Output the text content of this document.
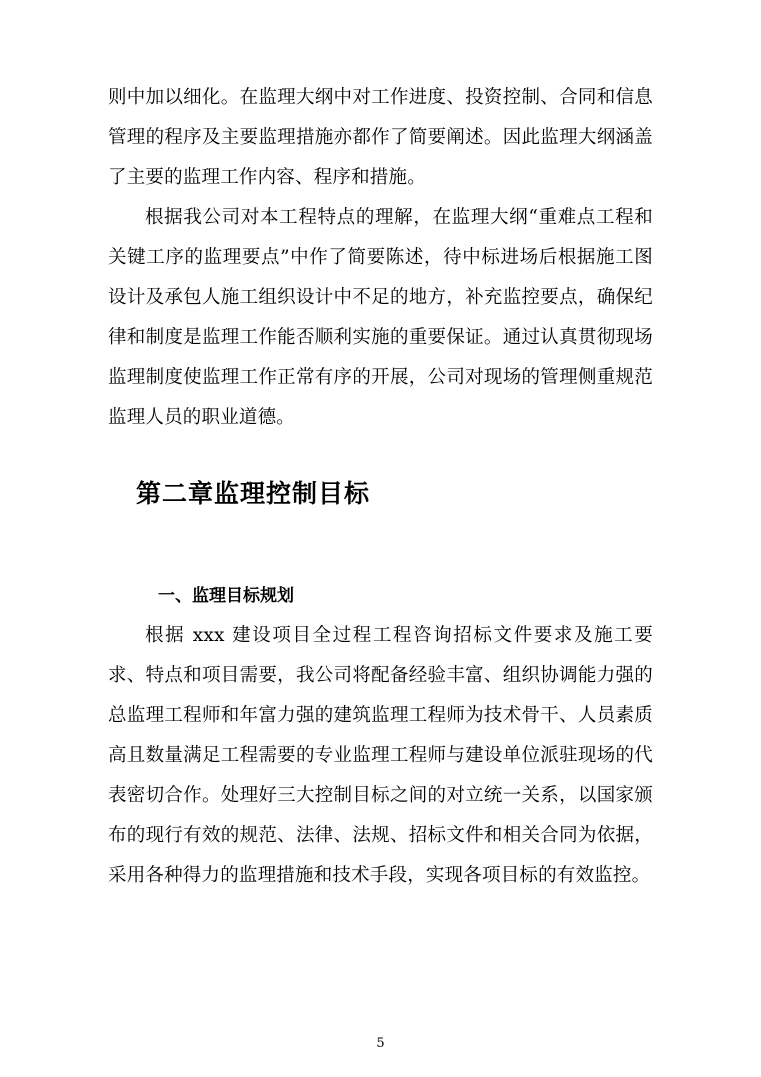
则中加以细化。在监理大纲中对工作进度、投资控制、合同和信息管理的程序及主要监理措施亦都作了简要阐述。因此监理大纲涵盖了主要的监理工作内容、程序和措施。

根据我公司对本工程特点的理解，在监理大纲“重难点工程和关键工序的监理要点”中作了简要陈述，待中标进场后根据施工图设计及承包人施工组织设计中不足的地方，补充监控要点，确保纪律和制度是监理工作能否顺利实施的重要保证。通过认真贯彻现场监理制度使监理工作正常有序的开展，公司对现场的管理侧重规范监理人员的职业道德。

第二章监理控制目标
一、监理目标规划

根据 xxx 建设项目全过程工程咨询招标文件要求及施工要求、特点和项目需要，我公司将配备经验丰富、组织协调能力强的总监理工程师和年富力强的建筑监理工程师为技术骨干、人员素质高且数量满足工程需要的专业监理工程师与建设单位派驻现场的代表密切合作。处理好三大控制目标之间的对立统一关系，以国家颁布的现行有效的规范、法律、法规、招标文件和相关合同为依据，采用各种得力的监理措施和技术手段，实现各项目标的有效监控。

5
